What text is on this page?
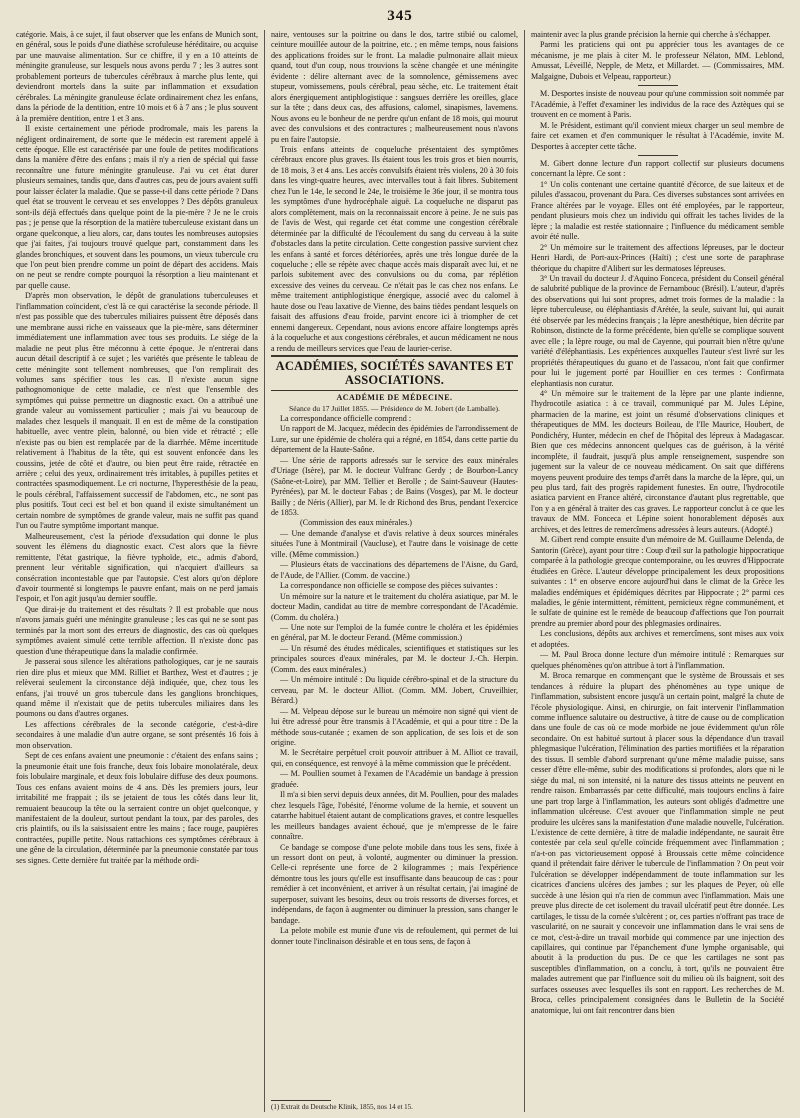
345

catégorie. Mais, à ce sujet, il faut observer que les enfans de Munich sont, en général, sous le poids d'une diathèse scrofuleuse héréditaire, ou acquise par une mauvaise alimentation. Sur ce chiffre, il y en a 10 atteints de méningite granuleuse, sur lesquels nous avons perdu 7 ; les 3 autres sont probablement porteurs de tubercules cérébraux à marche plus lente, qui deviendront mortels dans la suite par inflammation et exsudation cérébrales. La méningite granuleuse éclate ordinairement chez les enfans, dans la période de la dentition, entre 10 mois et 6 à 7 ans ; le plus souvent à la première dentition, entre 1 et 3 ans.

Il existe certainement une période prodromale, mais les parens la négligent ordinairement, de sorte que le médecin est rarement appelé à cette époque. Elle est caractérisée par une foule de petites modifications dans la manière d'être des enfans ; mais il n'y a rien de spécial qui fasse reconnaître une future méningite granuleuse. J'ai vu cet état durer plusieurs semaines, tandis que, dans d'autres cas, peu de jours avaient suffi pour laisser éclater la maladie. Que se passe-t-il dans cette période ? Dans quel état se trouvent le cerveau et ses enveloppes ? Des dépôts granuleux sont-ils déjà effectués dans quelque point de la pie-mère ? Je ne le crois pas ; je pense que la résorption de la matière tuberculeuse existant dans un organe quelconque, a lieu alors, car, dans toutes les nombreuses autopsies que j'ai faites, j'ai toujours trouvé quelque part, constamment dans les glandes bronchiques, et souvent dans les poumons, un vieux tubercule cru que l'on peut bien prendre comme un point de départ des accidens. Mais on ne peut se rendre compte pourquoi la résorption a lieu maintenant et par quelle cause.

D'après mon observation, le dépôt de granulations tuberculeuses et l'inflammation coïncident, c'est là ce qui caractérise la seconde période. Il n'est pas possible que des tubercules miliaires puissent être déposés dans une membrane aussi riche en vaisseaux que la pie-mère, sans déterminer immédiatement une inflammation avec tous ses produits. Le siége de la maladie ne peut plus être méconnu à cette époque. Je n'entrerai dans aucun détail descriptif à ce sujet ; les variétés que présente le tableau de cette méningite sont tellement nombreuses, que l'on remplirait des volumes sans spécifier tous les cas. Il n'existe aucun signe pathognomonique de cette maladie, ce n'est que l'ensemble des symptômes qui puisse permettre un diagnostic exact. On a attribué une grande valeur au vomissement particulier ; mais j'ai vu beaucoup de malades chez lesquels il manquait. Il en est de même de la constipation habituelle, avec ventre plein, balonné, ou bien vide et rétracté ; elle n'existe pas ou bien est remplacée par de la diarrhée. Même incertitude relativement à l'habitus de la tête, qui est souvent enfoncée dans les coussins, jetée de côté et d'autre, ou bien peut être raide, rétractée en arrière ; celui des yeux, ordinairement très irritables, à pupilles petites et contractées spasmodiquement. Le cri nocturne, l'hyperesthésie de la peau, le pouls cérébral, l'affaissement successif de l'abdomen, etc., ne sont pas plus positifs. Tout ceci est bel et bon quand il existe simultanément un certain nombre de symptômes de grande valeur, mais ne suffit pas quand l'un ou l'autre symptôme important manque.

Malheureusement, c'est la période d'exsudation qui donne le plus souvent les élémens du diagnostic exact. C'est alors que la fièvre remittente, l'état gastrique, la fièvre typhoïde, etc., admis d'abord, prennent leur véritable signification, qui n'acquiert d'ailleurs sa consécration incontestable que par l'autopsie. C'est alors qu'on déplore d'avoir tourmenté si longtemps le pauvre enfant, mais on ne perd jamais l'espoir, et l'on agit jusqu'au dernier souffle.

Que dirai-je du traitement et des résultats ? Il est probable que nous n'avons jamais guéri une méningite granuleuse ; les cas qui ne se sont pas terminés par la mort sont des erreurs de diagnostic, des cas où quelques symptômes avaient simulé cette terrible affection. Il n'existe donc pas question d'une thérapeutique dans la maladie confirmée.

Je passerai sous silence les altérations pathologiques, car je ne saurais rien dire plus et mieux que MM. Rilliet et Barthez, West et d'autres ; je relèverai seulement la circonstance déjà indiquée, que, chez tous les enfans, j'ai trouvé un gros tubercule dans les ganglions bronchiques, quand même il n'existait que de petits tubercules miliaires dans les poumons ou dans d'autres organes.

Les affections cérébrales de la seconde catégorie, c'est-à-dire secondaires à une maladie d'un autre organe, se sont présentés 16 fois à mon observation.

Sept de ces enfans avaient une pneumonie : c'étaient des enfans sains ; la pneumonie était une fois franche, deux fois lobaire monolatérale, deux fois lobulaire marginale, et deux fois lobulaire diffuse des deux poumons. Tous ces enfans avaient moins de 4 ans. Dès les premiers jours, leur irritabilité me frappait ; ils se jetaient de tous les côtés dans leur lit, remuaient beaucoup la tête ou la serraient contre un objet quelconque, y manifestaient de la douleur, surtout pendant la toux, par des paroles, des cris plaintifs, ou ils la saisissaient entre les mains ; face rouge, paupières contractées, pupille petite. Nous rattachions ces symptômes cérébraux à une gêne de la circulation, déterminée par la pneumonie constatée par tous ses signes. Cette dernière fut traitée par la méthode ordi-

naire, ventouses sur la poitrine ou dans le dos, tartre stibié ou calomel, ceinture mouillée autour de la poitrine, etc. ; en même temps, nous faisions des applications froides sur le front. La maladie pulmonaire allait mieux quand, tout d'un coup, nous trouvions la scène changée et une méningite évidente : délire alternant avec de la somnolence, gémissemens avec stupeur, vomissemens, pouls cérébral, peau sèche, etc. Le traitement était alors énergiquement antiphlogistique : sangsues derrière les oreilles, glace sur la tête ; dans deux cas, des affusions, calomel, sinapismes, lavemens. Nous avons eu le bonheur de ne perdre qu'un enfant de 18 mois, qui mourut avec des convulsions et des contractures ; malheureusement nous n'avons pu en faire l'autopsie.

Trois enfans atteints de coqueluche présentaient des symptômes cérébraux encore plus graves. Ils étaient tous les trois gros et bien nourris, de 18 mois, 3 et 4 ans. Les accès convulsifs étaient très violens, 20 à 30 fois dans les vingt-quatre heures, avec intervalles tout à fait libres. Subitement chez l'un le 14e, le second le 24e, le troisième le 36e jour, il se montra tous les symptômes d'une hydrocéphale aiguë. La coqueluche ne disparut pas alors complètement, mais on la reconnaissait encore à peine. Je ne suis pas de l'avis de West, qui regarde cet état comme une congestion cérébrale déterminée par la difficulté de l'écoulement du sang du cerveau à la suite d'obstacles dans la petite circulation. Cette congestion passive survient chez les enfans à santé et forces détériorées, après une très longue durée de la coqueluche ; elle se répète avec chaque accès mais disparaît avec lui, et ne parlois subitement avec des convulsions ou du coma, par réplétion excessive des veines du cerveau. Ce n'était pas le cas chez nos enfans. Le même traitement antiphlogistique énergique, associé avec du calomel à haute dose ou l'eau laxative de Vienne, des bains tièdes pendant lesquels on faisait des affusions d'eau froide, parvint encore ici à triompher de cet ennemi dangereux. Cependant, nous avions encore affaire longtemps après à la coqueluche et aux congestions cérébrales, et aucun médicament ne nous a rendu de meilleurs services que l'eau de laurier-cerise.

ACADÉMIES, SOCIÉTÉS SAVANTES ET ASSOCIATIONS.
ACADÉMIE DE MÉDECINE.
Séance du 17 Juillet 1855. — Présidence de M. Jobert (de Lamballe).

La correspondance officielle comprend :

Un rapport de M. Jacquez, médecin des épidémies de l'arrondissement de Lure, sur une épidémie de choléra qui a régné, en 1854, dans cette partie du département de la Haute-Saône.

— Une série de rapports adressés sur le service des eaux minérales d'Uriage (Isère), par M. le docteur Vulfranc Gerdy ; de Bourbon-Lancy (Saône-et-Loire), par MM. Tellier et Berolle ; de Saint-Sauveur (Hautes-Pyrénées), par M. le docteur Fabas ; de Bains (Vosges), par M. le docteur Bailly ; de Néris (Allier), par M. le dr Richond des Brus, pendant l'exercice de 1853.

(Commission des eaux minérales.)

— Une demande d'analyse et d'avis relative à deux sources minérales situées l'une à Montmirail (Vaucluse), et l'autre dans le voisinage de cette ville. (Même commission.)

— Plusieurs états de vaccinations des départemens de l'Aisne, du Gard, de l'Aude, de l'Allier. (Comm. de vaccine.)

La correspondance non officielle se compose des pièces suivantes :

Un mémoire sur la nature et le traitement du choléra asiatique, par M. le docteur Madin, candidat au titre de membre correspondant de l'Académie. (Comm. du choléra.)

— Une note sur l'emploi de la fumée contre le choléra et les épidémies en général, par M. le docteur Ferand. (Même commission.)

— Un résumé des études médicales, scientifiques et statistiques sur les principales sources d'eaux minérales, par M. le docteur J.-Ch. Herpin. (Comm. des eaux minérales.)

— Un mémoire intitulé : Du liquide cérébro-spinal et de la structure du cerveau, par M. le docteur Alliot. (Comm. MM. Jobert, Cruveilhier, Bérard.)

— M. Velpeau dépose sur le bureau un mémoire non signé qui vient de lui être adressé pour être transmis à l'Académie, et qui a pour titre : De la méthode sous-cutanée ; examen de son application, de ses lois et de son origine.

M. le Secrétaire perpétuel croit pouvoir attribuer à M. Alliot ce travail, qui, en conséquence, est renvoyé à la même commission que le précédent.

— M. Poullien soumet à l'examen de l'Académie un bandage à pression graduée.

Il m'a si bien servi depuis deux années, dit M. Poullien, pour des malades chez lesquels l'âge, l'obésité, l'énorme volume de la hernie, et souvent un catarrhe habituel étaient autant de complications graves, et contre lesquelles les meilleurs bandages avaient échoué, que je m'empresse de le faire connaître.

Ce bandage se compose d'une pelote mobile dans tous les sens, fixée à un ressort dont on peut, à volonté, augmenter ou diminuer la pression. Celle-ci représente une force de 2 kilogrammes ; mais l'expérience démontre tous les jours qu'elle est insuffisante dans beaucoup de cas : pour remédier à cet inconvénient, et arriver à un résultat certain, j'ai imaginé de superposer, suivant les besoins, deux ou trois ressorts de diverses forces, et indépendans, de façon à augmenter ou diminuer la pression, sans changer le bandage.

La pelote mobile est munie d'une vis de refoulement, qui permet de lui donner toute l'inclinaison désirable et en tous sens, de façon à

(1) Extrait du Deutsche Klinik, 1855, nos 14 et 15.

maintenir avec la plus grande précision la hernie qui cherche à s'échapper.

Parmi les praticiens qui ont pu apprécier tous les avantages de ce mécanisme, je me plais à citer M. le professeur Nélaton, MM. Leblond, Amussat, Léveillé, Nepple, de Metz, et Millardet. — (Commissaires, MM. Malgaigne, Dubois et Velpeau, rapporteur.)

M. Desportes insiste de nouveau pour qu'une commission soit nommée par l'Académie, à l'effet d'examiner les individus de la race des Aztèques qui se trouvent en ce moment à Paris.

M. le Président, estimant qu'il convient mieux charger un seul membre de faire cet examen et d'en communiquer le résultat à l'Académie, invite M. Desportes à accepter cette tâche.

M. Gibert donne lecture d'un rapport collectif sur plusieurs documens concernant la lèpre. Ce sont :

1° Un colis contenant une certaine quantité d'écorce, de sue laiteux et de pilules d'assacou, provenant du Para. Ces diverses substances sont arrivées en France altérées par le voyage. Elles ont été employées, par le rapporteur, pendant plusieurs mois chez un individu qui offrait les taches livides de la lèpre ; la maladie est restée stationnaire ; l'influence du médicament semble avoir été nulle.

2° Un mémoire sur le traitement des affections lépreuses, par le docteur Henri Hardi, de Port-aux-Princes (Haïti) ; c'est une sorte de paraphrase théorique du chapitre d'Alibert sur les dermatoses lépreuses.

3° Un travail du docteur J. d'Aquino Fonceca, président du Conseil général de salubrité publique de la province de Fernambouc (Brésil). L'auteur, d'après des observations qui lui sont propres, admet trois formes de la maladie : la lèpre tuberculeuse, ou éléphantiasis d'Arétée, la seule, suivant lui, qui aurait été observée par les médecins français ; la lèpre anesthétique, bien décrite par Robinson, distincte de la forme précédente, bien qu'elle se complique souvent avec elle ; la lèpre rouge, ou mal de Cayenne, qui pourrait bien n'être qu'une variété d'éléphantiasis. Les expériences auxquelles l'auteur s'est livré sur les propriétés thérapeutiques du guano et de l'assacou, n'ont fait que confirmer pour lui le jugement porté par Houillier en ces termes : Confirmata elephantiasis non curatur.

4° Un mémoire sur le traitement de la lèpre par une plante indienne, l'hydrocotile asiatica : à ce travail, communiqué par M. Jules Lépine, pharmacien de la marine, est joint un résumé d'observations cliniques et thérapeutiques de MM. les docteurs Boileau, de l'Ile Maurice, Houbert, de Pondichéry, Hunter, médecin en chef de l'hôpital des lépreux à Madagascar. Bien que ces médecins annoncent quelques cas de guérison, à la vérité incomplète, il faudrait, jusqu'à plus ample renseignement, suspendre son jugement sur la valeur de ce nouveau médicament. On sait que différens moyens peuvent produire des temps d'arrêt dans la marche de la lèpre, qui, un peu plus tard, fait des progrès rapidement funestes. En outre, l'hydrocotile asiatica parvient en France altéré, circonstance d'autant plus regrettable, que l'on y a en général à traiter des cas graves. Le rapporteur conclut à ce que les travaux de MM. Fonceca et Lépine soient honorablement déposés aux archives, et des lettres de remercîmens adressées à leurs auteurs. (Adopté.)

M. Gibert rend compte ensuite d'un mémoire de M. Guillaume Delenda, de Santorin (Grèce), ayant pour titre : Coup d'œil sur la pathologie hippocratique comparée à la pathologie grecque contemporaine, ou les œuvres d'Hippocrate étudiées en Grèce. L'auteur développe principalement les deux propositions suivantes : 1° en observe encore aujourd'hui dans le climat de la Grèce les maladies endémiques et épidémiques décrites par Hippocrate ; 2° parmi ces maladies, le génie intermittent, rémittent, pernicieux règne communément, et le sulfate de quinine est le remède de beaucoup d'affections que l'on pourrait prendre au premier abord pour des phlegmasies ordinaires.

Les conclusions, dépôts aux archives et remercîmens, sont mises aux voix et adoptées.

— M. Paul Broca donne lecture d'un mémoire intitulé : Remarques sur quelques phénomènes qu'on attribue à tort à l'inflammation.

M. Broca remarque en commençant que le système de Broussais et ses tendances à réduire la plupart des phénomènes au type unique de l'inflammation, subsistent encore jusqu'à un certain point, malgré la chute de l'école physiologique. Ainsi, en chirurgie, on fait intervenir l'inflammation comme influence salutaire ou destructive, à titre de cause ou de complication dans une foule de cas où ce mode morbide ne joue évidemment qu'un rôle secondaire. On est habitué surtout à placer sous la dépendance d'un travail phlegmasique l'ulcération, l'élimination des parties mortifiées et la réparation des tissus. Il semble d'abord surprenant qu'une même maladie puisse, sans cesser d'être elle-même, subir des modifications si profondes, alors que ni le siége du mal, ni son intensité, ni la nature des tissus atteints ne peuvent en rendre raison. Embarrassés par cette difficulté, mais toujours enclins à faire une part trop large à l'inflammation, les auteurs sont obligés d'admettre une inflammation ulcéreuse. C'est avouer que l'inflammation simple ne peut produire les ulcères sans la manifestation d'une maladie nouvelle, l'ulcération. L'existence de cette dernière, à titre de maladie indépendante, ne saurait être contestée par cela seul qu'elle coïncide fréquemment avec l'inflammation ; n'a-t-on pas victorieusement opposé à Broussais cette même coïncidence quand il prétendait faire dériver le tubercule de l'inflammation ? On peut voir l'ulcération se développer indépendamment de toute inflammation sur les cicatrices d'anciens ulcères des jambes ; sur les plaques de Peyer, où elle succède à une lésion qui n'a rien de commun avec l'inflammation. Mais une preuve plus directe de cet isolement du travail ulcératif peut être donnée. Les cartilages, le tissu de la cornée s'ulcèrent ; or, ces parties n'offrant pas trace de vascularité, on ne saurait y concevoir une inflammation dans le vrai sens de ce mot, c'est-à-dire un travail morbide qui commence par une injection des capillaires, qui continue par l'épanchement d'une lymphe organisable, qui aboutit à la production du pus. De ce que les cartilages ne sont pas susceptibles d'inflammation, on a conclu, à tort, qu'ils ne pouvaient être malades autrement que par l'influence soit du milieu où ils baignent, soit des surfaces osseuses avec lesquelles ils sont en rapport. Les recherches de M. Broca, celles principalement consignées dans le Bulletin de la Société anatomique, lui ont fait rencontrer dans bien
